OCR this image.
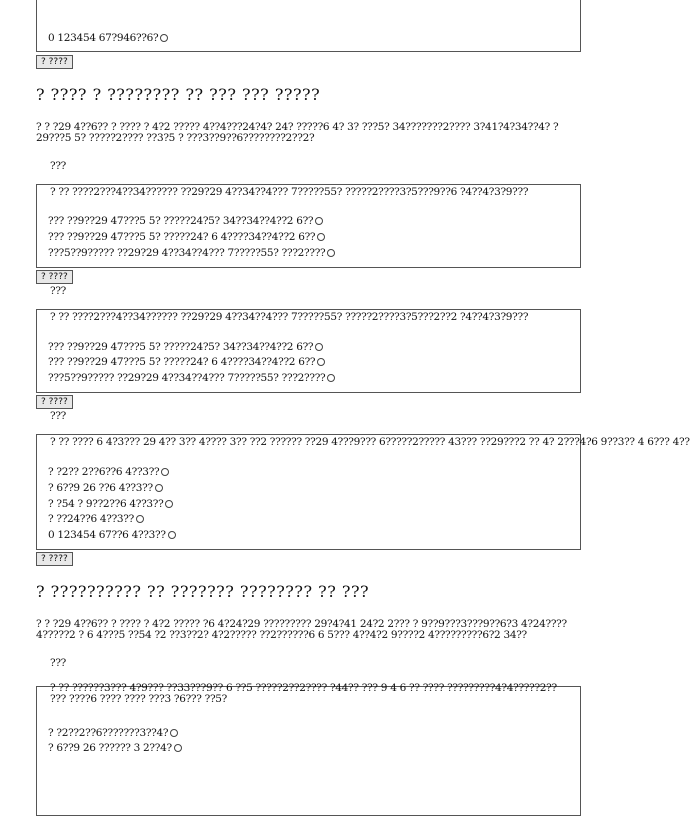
0 123454 67?946??6?
? ????
? ???? ? ???????? ?? ??? ??? ?????
? ? ?29 4??6?? ? ???? ? 4?2 ????? 4??4???24?4? 24? ?????6 4? 3? ???5? 34???????2???? 3?41?4?34??4? ?29???5 5? ?????2???? ??3?5 ? ???3??9??6????????2??2?
???
? ?? ????2???4??34?????? ??29?29 4??34??4??? 7?????55? ?????2????3?5???9??6 ?4??4?3?9???
??? ??9??29 47???5 5? ?????24?5? 34??34??4??2 6??
??? ??9??29 47???5 5? ?????24? 6 4????34??4??2 6??
???5??9????? ??29?29 4??34??4??? 7?????55? ???2????
? ????
???
? ?? ????2???4??34?????? ??29?29 4??34??4??? 7?????55? ?????2????3?5???2??2 ?4??4?3?9???
??? ??9??29 47???5 5? ?????24?5? 34??34??4??2 6??
??? ??9??29 47???5 5? ?????24? 6 4????34??4??2 6??
???5??9????? ??29?29 4??34??4??? 7?????55? ???2????
? ????
???
? ?? ???? 6 4?3??? 29 4?? 3?? 4???? 3?? ??2 ?????? ??29 4???9??? 6?????2????? 43??? ??29???2 ?? 4? 2???4?6 9??3?? 4 6??? 4??
? ?2?? 2??6??6 4??3??
? 6??9 26 ??6 4??3??
? ?54 ? 9??2??6 4??3??
? ??24??6 4??3??
0 123454 67??6 4??3??
? ????
? ?????????? ?? ??????? ???????? ?? ???
? ? ?29 4??6?? ? ???? ? 4?2 ????? ?6 4?24?29 ????????? 29?4?41 24?2 2??? ? 9??9???3???9??6?3 4?24????4?????2 ? 6 4???5 ??54 ?2 ??3??2? 4?2????? ??2??????6 6 5??? 4??4?2 9????2 4?????????6?2 34??
???
? ?? ??????3??? 4?9??? ??33???9?? 6 ??5 ?????2??2???? ?44?? ??? 9 4 6 ?? ???? ?????????4?4?????2?? ??? ????6 ???? ???? ???3 ?6??? ??5?
? ?2??2??6???????3??4?
? 6??9 26 ?????? 3 2??4?
